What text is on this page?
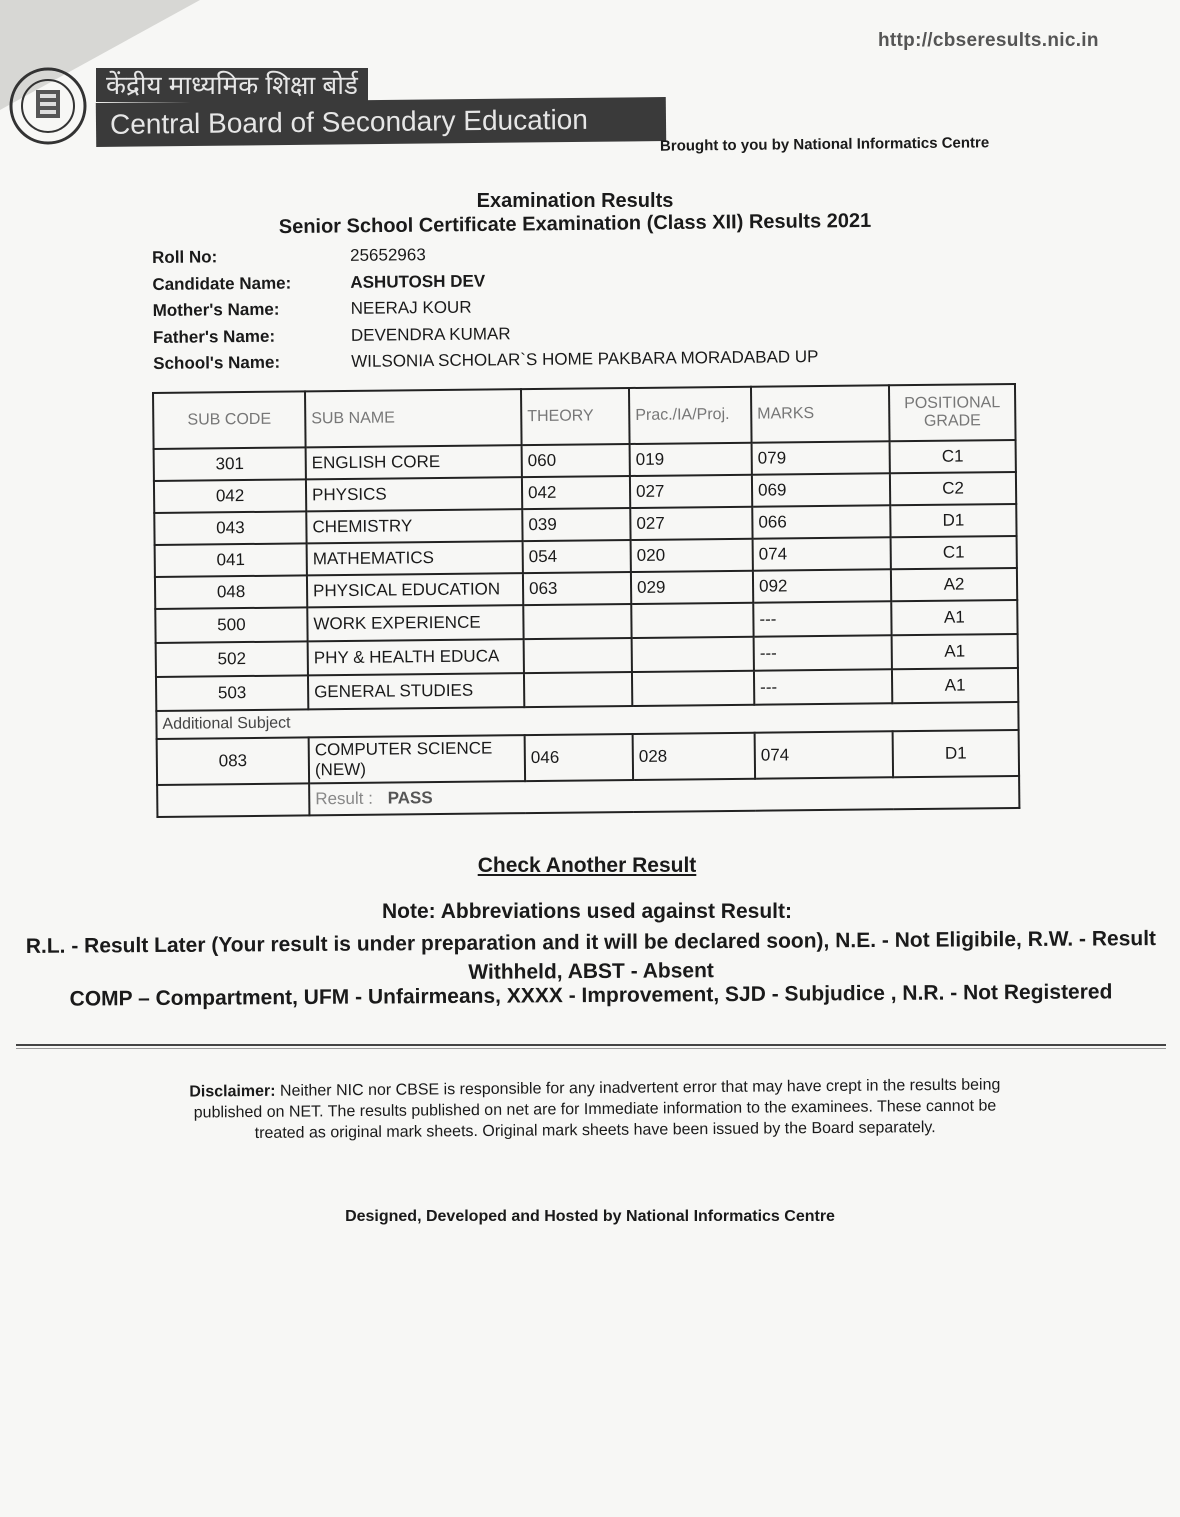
http://cbseresults.nic.in
केंद्रीय माध्यमिक शिक्षा बोर्ड
Central Board of Secondary Education
Brought to you by National Informatics Centre
Examination Results
Senior School Certificate Examination (Class XII) Results 2021
Roll No:	25652963
Candidate Name:	ASHUTOSH DEV
Mother's Name:	NEERAJ KOUR
Father's Name:	DEVENDRA KUMAR
School's Name:	WILSONIA SCHOLAR`S HOME PAKBARA MORADABAD UP
SUB CODE	SUB NAME	THEORY	Prac./IA/Proj.	MARKS	POSITIONAL GRADE
301	ENGLISH CORE	060	019	079	C1
042	PHYSICS	042	027	069	C2
043	CHEMISTRY	039	027	066	D1
041	MATHEMATICS	054	020	074	C1
048	PHYSICAL EDUCATION	063	029	092	A2
500	WORK EXPERIENCE			---	A1
502	PHY & HEALTH EDUCA			---	A1
503	GENERAL STUDIES			---	A1
Additional Subject					
083	COMPUTER SCIENCE (NEW)	046	028	074	D1
	Result : PASS				
Check Another Result
Note: Abbreviations used against Result:
R.L. - Result Later (Your result is under preparation and it will be declared soon), N.E. - Not Eligibile, R.W. - Result Withheld, ABST - Absent
COMP – Compartment, UFM - Unfairmeans, XXXX - Improvement, SJD - Subjudice , N.R. - Not Registered
Disclaimer: Neither NIC nor CBSE is responsible for any inadvertent error that may have crept in the results being published on NET. The results published on net are for Immediate information to the examinees. These cannot be treated as original mark sheets. Original mark sheets have been issued by the Board separately.
Designed, Developed and Hosted by National Informatics Centre
